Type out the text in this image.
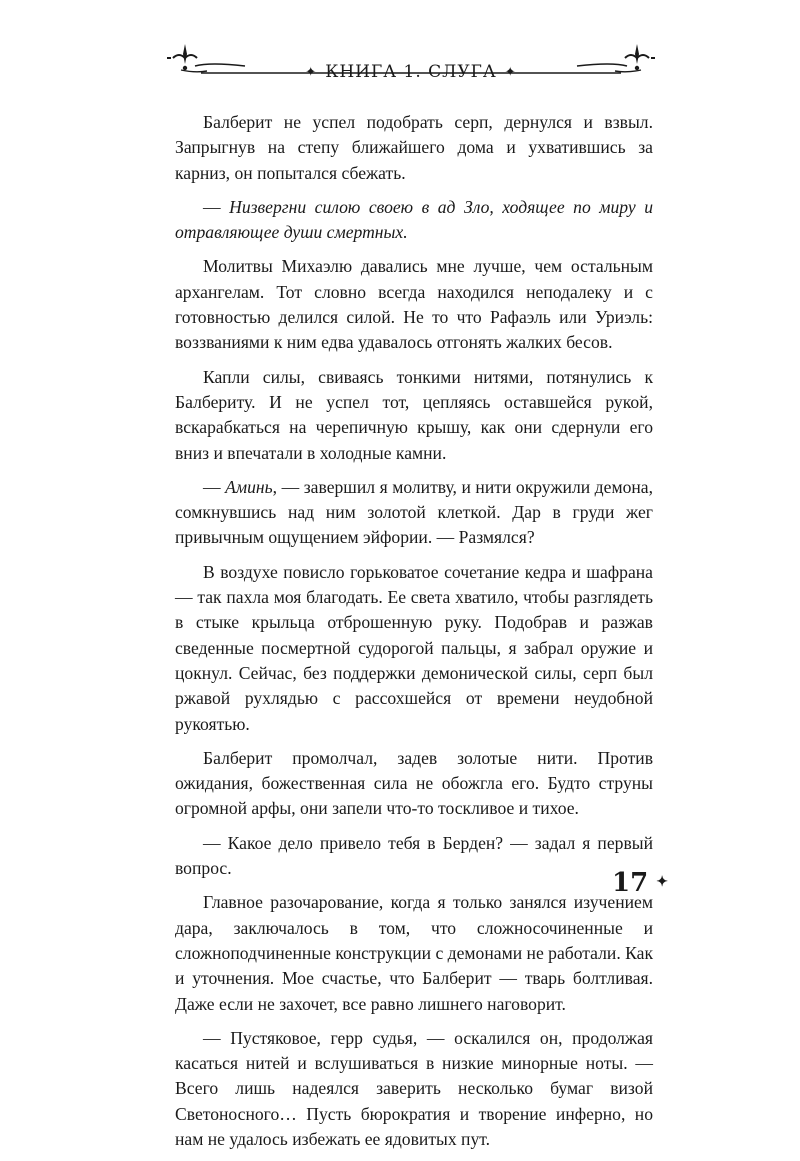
✦ КНИГА 1. СЛУГА ✦

Балберит не успел подобрать серп, дернулся и взвыл. Запрыгнув на степу ближайшего дома и ухватившись за карниз, он попытался сбежать.

— Низвергни силою своею в ад Зло, ходящее по миру и отравляющее души смертных.

Молитвы Михаэлю давались мне лучше, чем остальным архангелам. Тот словно всегда находился неподалеку и с готовностью делился силой. Не то что Рафаэль или Уриэль: воззваниями к ним едва удавалось отгонять жалких бесов.

Капли силы, свиваясь тонкими нитями, потянулись к Балбериту. И не успел тот, цепляясь оставшейся рукой, вскарабкаться на черепичную крышу, как они сдернули его вниз и впечатали в холодные камни.

— Аминь, — завершил я молитву, и нити окружили демона, сомкнувшись над ним золотой клеткой. Дар в груди жег привычным ощущением эйфории. — Размялся?

В воздухе повисло горьковатое сочетание кедра и шафрана — так пахла моя благодать. Ее света хватило, чтобы разглядеть в стыке крыльца отброшенную руку. Подобрав и разжав сведенные посмертной судорогой пальцы, я забрал оружие и цокнул. Сейчас, без поддержки демонической силы, серп был ржавой рухлядью с рассохшейся от времени неудобной рукоятью.

Балберит промолчал, задев золотые нити. Против ожидания, божественная сила не обожгла его. Будто струны огромной арфы, они запели что-то тоскливое и тихое.

— Какое дело привело тебя в Берден? — задал я первый вопрос.

Главное разочарование, когда я только занялся изучением дара, заключалось в том, что сложносочиненные и сложноподчиненные конструкции с демонами не работали. Как и уточнения. Мое счастье, что Балберит — тварь болтливая. Даже если не захочет, все равно лишнего наговорит.

— Пустяковое, герр судья, — оскалился он, продолжая касаться нитей и вслушиваться в низкие минорные ноты. — Всего лишь надеялся заверить несколько бумаг визой Светоносного… Пусть бюрократия и творение инферно, но нам не удалось избежать ее ядовитых пут.

17 ✦
